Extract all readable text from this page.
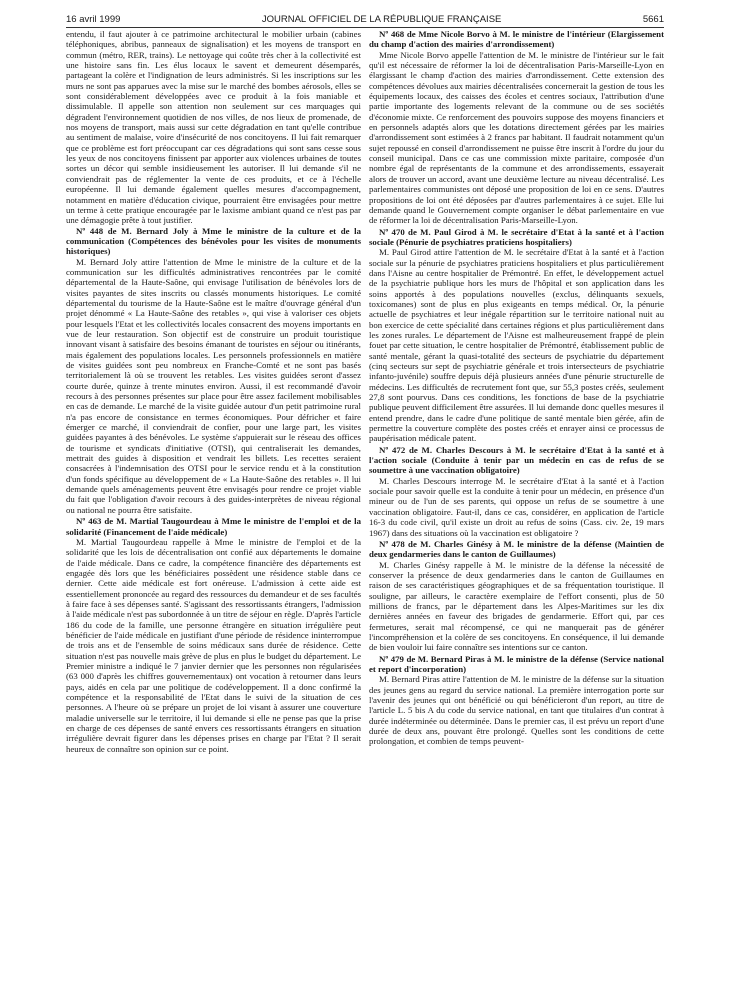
16 avril 1999	JOURNAL OFFICIEL DE LA RÉPUBLIQUE FRANÇAISE	5661

entendu, il faut ajouter à ce patrimoine architectural le mobilier urbain (cabines téléphoniques, abribus, panneaux de signalisation) et les moyens de transport en commun (métro, RER, trains). Le nettoyage qui coûte très cher à la collectivité est une histoire sans fin. Les élus locaux le savent et demeurent désemparés, partageant la colère et l'indignation de leurs administrés. Si les inscriptions sur les murs ne sont pas apparues avec la mise sur le marché des bombes aérosols, elles se sont considérablement développées avec ce produit à la fois maniable et dissimulable. Il appelle son attention non seulement sur ces marquages qui dégradent l'environnement quotidien de nos villes, de nos lieux de promenade, de nos moyens de transport, mais aussi sur cette dégradation en tant qu'elle contribue au sentiment de malaise, voire d'insécurité de nos concitoyens. Il lui fait remarquer que ce problème est fort préoccupant car ces dégradations qui sont sans cesse sous les yeux de nos concitoyens finissent par apporter aux violences urbaines de toutes sortes un décor qui semble insidieusement les autoriser. Il lui demande s'il ne conviendrait pas de réglementer la vente de ces produits, et ce à l'échelle européenne. Il lui demande également quelles mesures d'accompagnement, notamment en matière d'éducation civique, pourraient être envisagées pour mettre un terme à cette pratique encouragée par le laxisme ambiant quand ce n'est pas par une démagogie prête à tout justifier.

Nº 448 de M. Bernard Joly à Mme le ministre de la culture et de la communication (Compétences des bénévoles pour les visites de monuments historiques)

M. Bernard Joly attire l'attention de Mme le ministre de la culture et de la communication sur les difficultés administratives rencontrées par le comité départemental de la Haute-Saône, qui envisage l'utilisation de bénévoles lors de visites payantes de sites inscrits ou classés monuments historiques. Le comité départemental du tourisme de la Haute-Saône est le maître d'ouvrage général d'un projet dénommé « La Haute-Saône des retables », qui vise à valoriser ces objets pour lesquels l'Etat et les collectivités locales consacrent des moyens importants en vue de leur restauration. Son objectif est de construire un produit touristique innovant visant à satisfaire des besoins émanant de touristes en séjour ou itinérants, mais également des populations locales. Les personnels professionnels en matière de visites guidées sont peu nombreux en Franche-Comté et ne sont pas basés territorialement là où se trouvent les retables. Les visites guidées seront d'assez courte durée, quinze à trente minutes environ. Aussi, il est recommandé d'avoir recours à des personnes présentes sur place pour être assez facilement mobilisables en cas de demande. Le marché de la visite guidée autour d'un petit patrimoine rural n'a pas encore de consistance en termes économiques. Pour défricher et faire émerger ce marché, il conviendrait de confier, pour une large part, les visites guidées payantes à des bénévoles. Le système s'appuierait sur le réseau des offices de tourisme et syndicats d'initiative (OTSI), qui centraliserait les demandes, mettrait des guides à disposition et vendrait les billets. Les recettes seraient consacrées à l'indemnisation des OTSI pour le service rendu et à la constitution d'un fonds spécifique au développement de « La Haute-Saône des retables ». Il lui demande quels aménagements peuvent être envisagés pour rendre ce projet viable du fait que l'obligation d'avoir recours à des guides-interprètes de niveau régional ou national ne pourra être satisfaite.

Nº 463 de M. Martial Taugourdeau à Mme le ministre de l'emploi et de la solidarité (Financement de l'aide médicale)

M. Martial Taugourdeau rappelle à Mme le ministre de l'emploi et de la solidarité que les lois de décentralisation ont confié aux départements le domaine de l'aide médicale. Dans ce cadre, la compétence financière des départements est engagée dès lors que les bénéficiaires possèdent une résidence stable dans ce dernier. Cette aide médicale est fort onéreuse. L'admission à cette aide est essentiellement prononcée au regard des ressources du demandeur et de ses facultés à faire face à ses dépenses santé. S'agissant des ressortissants étrangers, l'admission à l'aide médicale n'est pas subordonnée à un titre de séjour en règle. D'après l'article 186 du code de la famille, une personne étrangère en situation irrégulière peut bénéficier de l'aide médicale en justifiant d'une période de résidence ininterrompue de trois ans et de l'ensemble de soins médicaux sans durée de résidence. Cette situation n'est pas nouvelle mais grève de plus en plus le budget du département. Le Premier ministre a indiqué le 7 janvier dernier que les personnes non régularisées (63 000 d'après les chiffres gouvernementaux) ont vocation à retourner dans leurs pays, aidés en cela par une politique de codéveloppement. Il a donc confirmé la compétence et la responsabilité de l'Etat dans le suivi de la situation de ces personnes. A l'heure où se prépare un projet de loi visant à assurer une couverture maladie universelle sur le territoire, il lui demande si elle ne pense pas que la prise en charge de ces dépenses de santé envers ces ressortissants étrangers en situation irrégulière devrait figurer dans les dépenses prises en charge par l'Etat ? Il serait heureux de connaître son opinion sur ce point.

Nº 468 de Mme Nicole Borvo à M. le ministre de l'intérieur (Elargissement du champ d'action des mairies d'arrondissement)

Mme Nicole Borvo appelle l'attention de M. le ministre de l'intérieur sur le fait qu'il est nécessaire de réformer la loi de décentralisation Paris-Marseille-Lyon en élargissant le champ d'action des mairies d'arrondissement. Cette extension des compétences dévolues aux mairies décentralisées concernerait la gestion de tous les équipements locaux, des caisses des écoles et centres sociaux, l'attribution d'une partie importante des logements relevant de la commune ou de ses sociétés d'économie mixte. Ce renforcement des pouvoirs suppose des moyens financiers et en personnels adaptés alors que les dotations directement gérées par les mairies d'arrondissement sont estimées à 2 francs par habitant. Il faudrait notamment qu'un sujet repoussé en conseil d'arrondissement ne puisse être inscrit à l'ordre du jour du conseil municipal. Dans ce cas une commission mixte paritaire, composée d'un nombre égal de représentants de la commune et des arrondissements, essayerait alors de trouver un accord, avant une deuxième lecture au niveau décentralisé. Les parlementaires communistes ont déposé une proposition de loi en ce sens. D'autres propositions de loi ont été déposées par d'autres parlementaires à ce sujet. Elle lui demande quand le Gouvernement compte organiser le débat parlementaire en vue de réformer la loi de décentralisation Paris-Marseille-Lyon.

Nº 470 de M. Paul Girod à M. le secrétaire d'Etat à la santé et à l'action sociale (Pénurie de psychiatres praticiens hospitaliers)

M. Paul Girod attire l'attention de M. le secrétaire d'Etat à la santé et à l'action sociale sur la pénurie de psychiatres praticiens hospitaliers et plus particulièrement dans l'Aisne au centre hospitalier de Prémontré. En effet, le développement actuel de la psychiatrie publique hors les murs de l'hôpital et son application dans les soins apportés à des populations nouvelles (exclus, délinquants sexuels, toxicomanes) sont de plus en plus exigeants en temps médical. Or, la pénurie actuelle de psychiatres et leur inégale répartition sur le territoire national nuit au bon exercice de cette spécialité dans certaines régions et plus particulièrement dans les zones rurales. Le département de l'Aisne est malheureusement frappé de plein fouet par cette situation, le centre hospitalier de Prémontré, établissement public de santé mentale, gérant la quasi-totalité des secteurs de psychiatrie du département (cinq secteurs sur sept de psychiatrie générale et trois intersecteurs de psychiatrie infanto-juvénile) souffre depuis déjà plusieurs années d'une pénurie structurelle de médecins. Les difficultés de recrutement font que, sur 55,3 postes créés, seulement 27,8 sont pourvus. Dans ces conditions, les fonctions de base de la psychiatrie publique peuvent difficilement être assurées. Il lui demande donc quelles mesures il entend prendre, dans le cadre d'une politique de santé mentale bien gérée, afin de permettre la couverture complète des postes créés et enrayer ainsi ce processus de paupérisation médicale patent.

Nº 472 de M. Charles Descours à M. le secrétaire d'Etat à la santé et à l'action sociale (Conduite à tenir par un médecin en cas de refus de se soumettre à une vaccination obligatoire)

M. Charles Descours interroge M. le secrétaire d'Etat à la santé et à l'action sociale pour savoir quelle est la conduite à tenir pour un médecin, en présence d'un mineur ou de l'un de ses parents, qui oppose un refus de se soumettre à une vaccination obligatoire. Faut-il, dans ce cas, considérer, en application de l'article 16-3 du code civil, qu'il existe un droit au refus de soins (Cass. civ. 2e, 19 mars 1967) dans des situations où la vaccination est obligatoire ?

Nº 478 de M. Charles Ginésy à M. le ministre de la défense (Maintien de deux gendarmeries dans le canton de Guillaumes)

M. Charles Ginésy rappelle à M. le ministre de la défense la nécessité de conserver la présence de deux gendarmeries dans le canton de Guillaumes en raison de ses caractéristiques géographiques et de sa fréquentation touristique. Il souligne, par ailleurs, le caractère exemplaire de l'effort consenti, plus de 50 millions de francs, par le département dans les Alpes-Maritimes sur les dix dernières années en faveur des brigades de gendarmerie. Effort qui, par ces fermetures, serait mal récompensé, ce qui ne manquerait pas de générer l'incompréhension et la colère de ses concitoyens. En conséquence, il lui demande de bien vouloir lui faire connaître ses intentions sur ce canton.

Nº 479 de M. Bernard Piras à M. le ministre de la défense (Service national et report d'incorporation)

M. Bernard Piras attire l'attention de M. le ministre de la défense sur la situation des jeunes gens au regard du service national. La première interrogation porte sur l'avenir des jeunes qui ont bénéficié ou qui bénéficieront d'un report, au titre de l'article L. 5 bis A du code du service national, en tant que titulaires d'un contrat à durée indéterminée ou déterminée. Dans le premier cas, il est prévu un report d'une durée de deux ans, pouvant être prolongé. Quelles sont les conditions de cette prolongation, et combien de temps peuvent-
